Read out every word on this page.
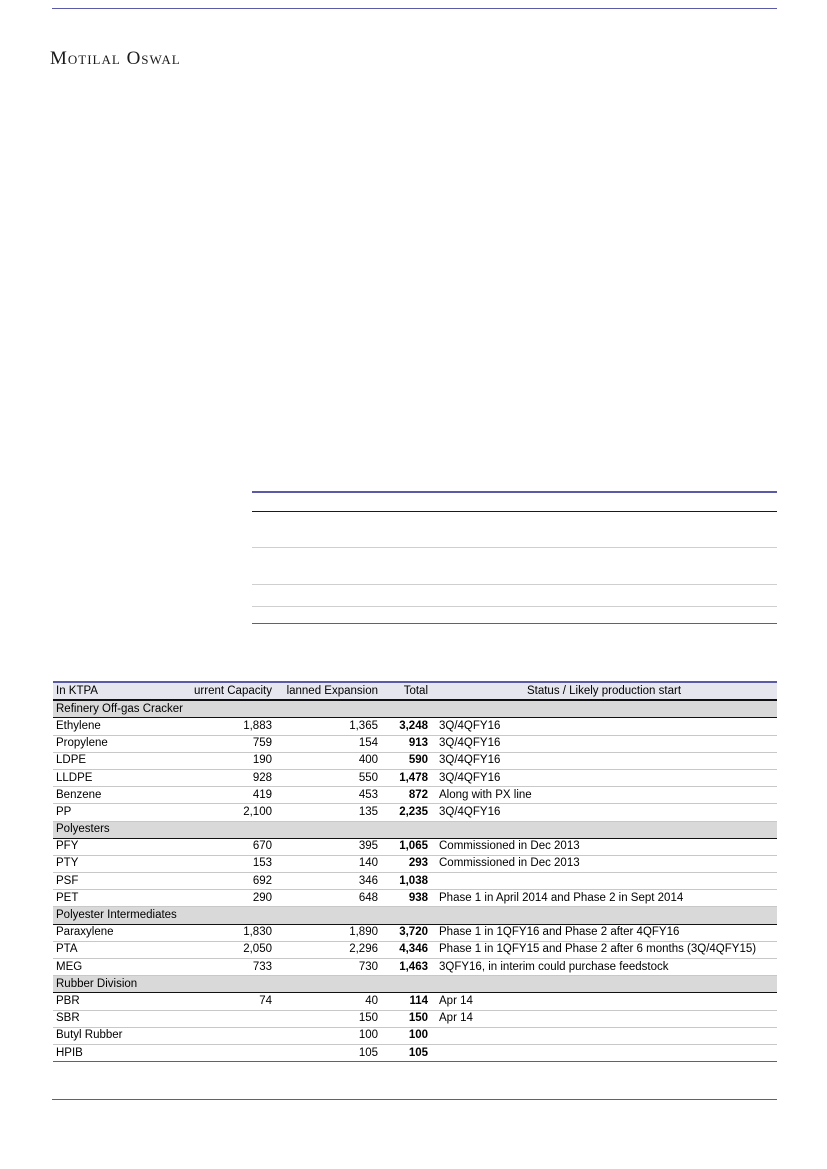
Motilal Oswal
In KTPA	urrent Capacity	lanned Expansion	Total	Status / Likely production start
Refinery Off-gas Cracker				
Ethylene	1,883	1,365	3,248	3Q/4QFY16
Propylene	759	154	913	3Q/4QFY16
LDPE	190	400	590	3Q/4QFY16
LLDPE	928	550	1,478	3Q/4QFY16
Benzene	419	453	872	Along with PX line
PP	2,100	135	2,235	3Q/4QFY16
Polyesters				
PFY	670	395	1,065	Commissioned in Dec 2013
PTY	153	140	293	Commissioned in Dec 2013
PSF	692	346	1,038	
PET	290	648	938	Phase 1 in April 2014 and Phase 2 in Sept 2014
Polyester Intermediates				
Paraxylene	1,830	1,890	3,720	Phase 1 in 1QFY16 and Phase 2 after 4QFY16
PTA	2,050	2,296	4,346	Phase 1 in 1QFY15 and Phase 2 after 6 months (3Q/4QFY15)
MEG	733	730	1,463	3QFY16, in interim could purchase feedstock
Rubber Division				
PBR	74	40	114	Apr 14
SBR		150	150	Apr 14
Butyl Rubber		100	100	
HPIB		105	105	
